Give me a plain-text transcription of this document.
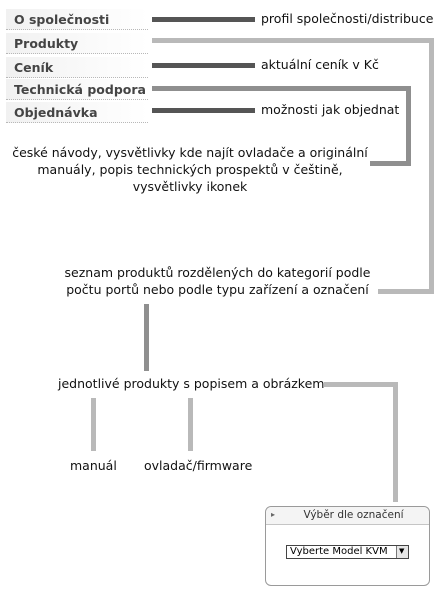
O společnosti
Produkty
Ceník
Technická podpora
Objednávka
profil společnosti/distribuce
aktuální ceník v Kč
možnosti jak objednat
české návody, vysvětlivky kde najít ovladače a originální manuály, popis technických prospektů v češtině, vysvětlivky ikonek
seznam produktů rozdělených do kategorií podle počtu portů nebo podle typu zařízení a označení
jednotlivé produkty s popisem a obrázkem
manuál ovladač/firmware
▸	Výběr dle označení
Vyberte Model KVM ▼
